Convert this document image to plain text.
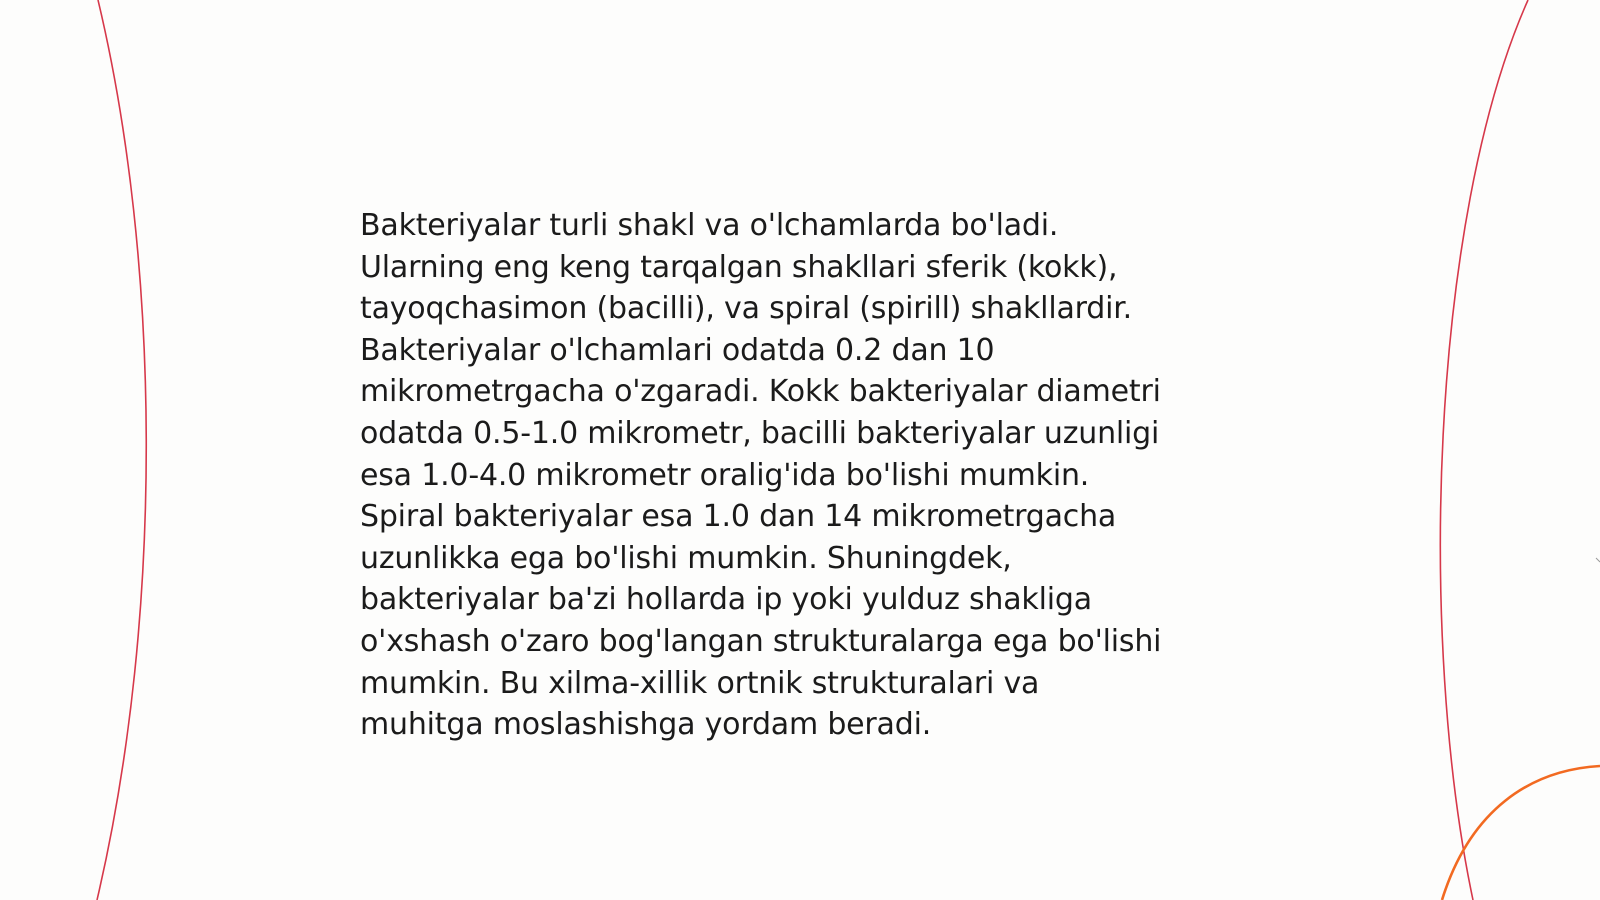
Bakteriyalar turli shakl va o'lchamlarda bo'ladi.
Ularning eng keng tarqalgan shakllari sferik (kokk),
tayoqchasimon (bacilli), va spiral (spirill) shakllardir.
Bakteriyalar o'lchamlari odatda 0.2 dan 10
mikrometrgacha o'zgaradi. Kokk bakteriyalar diametri
odatda 0.5-1.0 mikrometr, bacilli bakteriyalar uzunligi
esa 1.0-4.0 mikrometr oralig'ida bo'lishi mumkin.
Spiral bakteriyalar esa 1.0 dan 14 mikrometrgacha
uzunlikka ega bo'lishi mumkin. Shuningdek,
bakteriyalar ba'zi hollarda ip yoki yulduz shakliga
o'xshash o'zaro bog'langan strukturalarga ega bo'lishi
mumkin. Bu xilma-xillik ortnik strukturalari va
muhitga moslashishga yordam beradi.
